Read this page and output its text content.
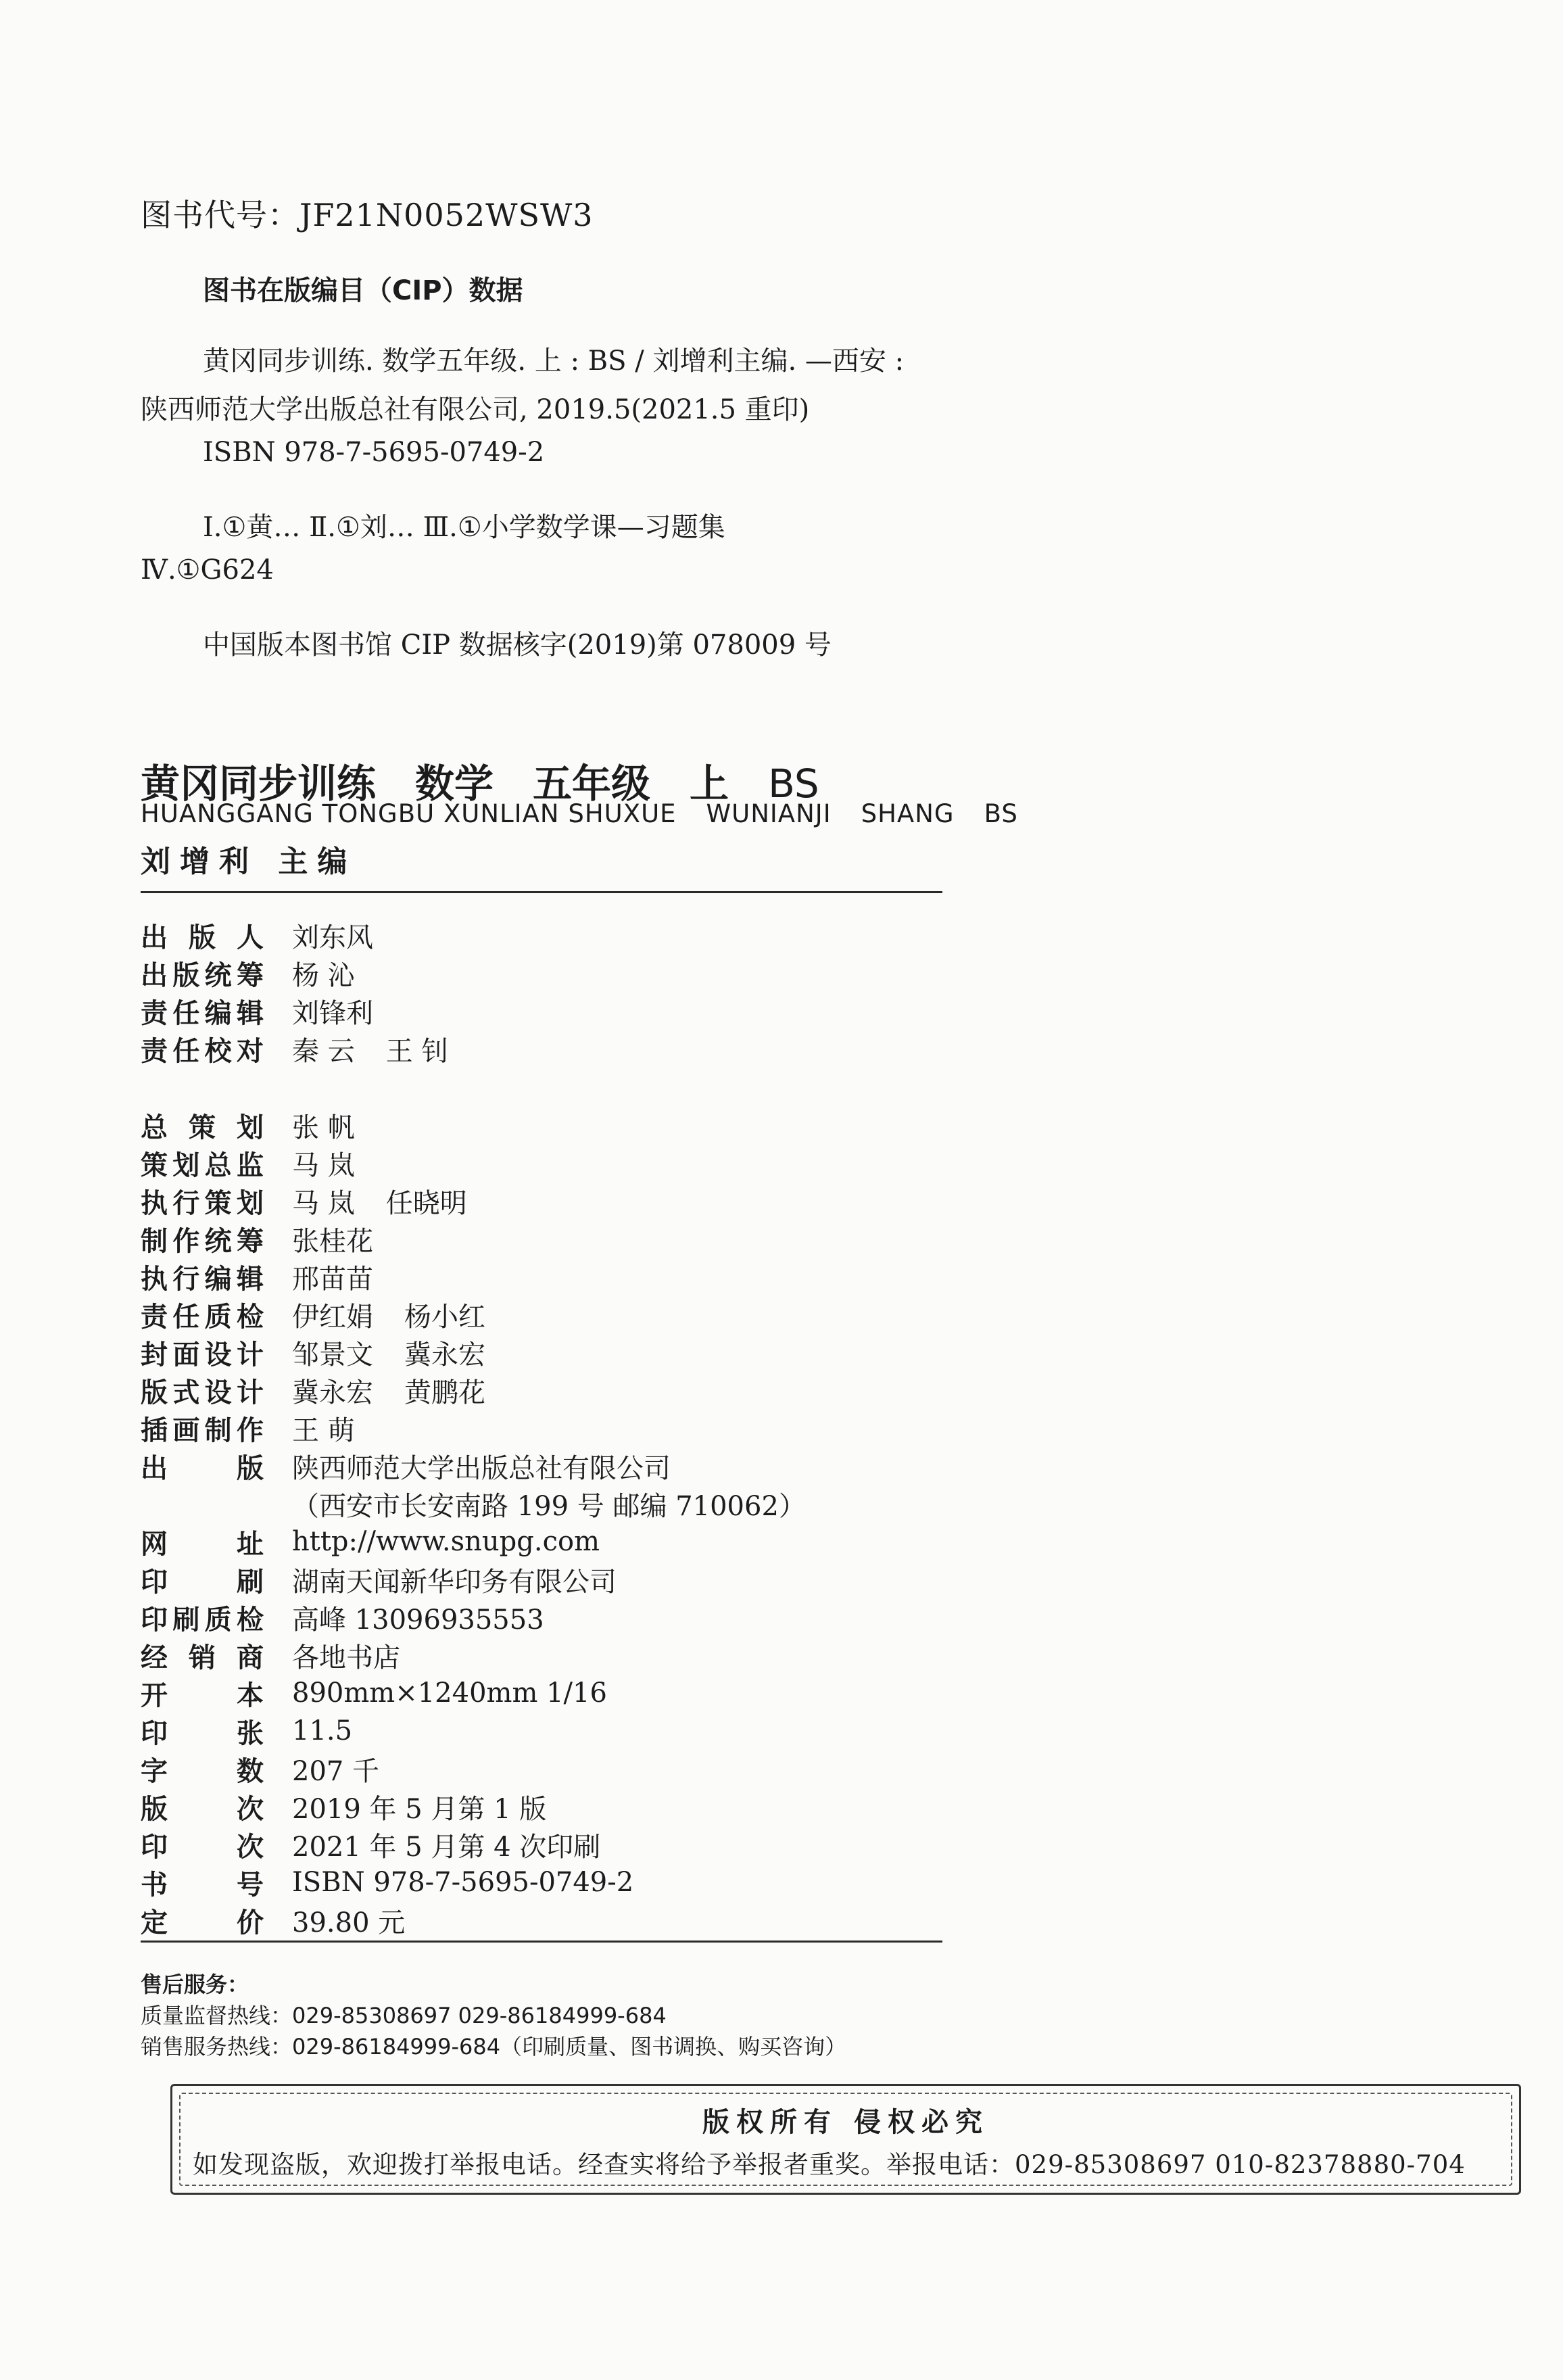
图书代号：JF21N0052WSW3
图书在版编目（CIP）数据
黄冈同步训练. 数学五年级. 上 : BS / 刘增利主编. —西安 :
陕西师范大学出版总社有限公司, 2019.5(2021.5 重印)
ISBN 978-7-5695-0749-2
Ⅰ.①黄… Ⅱ.①刘… Ⅲ.①小学数学课—习题集
Ⅳ.①G624
中国版本图书馆 CIP 数据核字(2019)第 078009 号
黄冈同步训练 数学 五年级 上 BS
HUANGGANG TONGBU XUNLIAN SHUXUE WUNIANJI SHANG BS
刘增利 主编
出版人 刘东风
出版统筹 杨 沁
责任编辑 刘锋利
责任校对 秦 云 王 钊
总策划 张 帆
策划总监 马 岚
执行策划 马 岚 任晓明
制作统筹 张桂花
执行编辑 邢苗苗
责任质检 伊红娟 杨小红
封面设计 邹景文 冀永宏
版式设计 冀永宏 黄鹏花
插画制作 王 萌
出版 陕西师范大学出版总社有限公司
（西安市长安南路 199 号 邮编 710062）
网址 http://www.snupg.com
印刷 湖南天闻新华印务有限公司
印刷质检 高峰 13096935553
经销商 各地书店
开本 890mm×1240mm 1/16
印张 11.5
字数 207 千
版次 2019 年 5 月第 1 版
印次 2021 年 5 月第 4 次印刷
书号 ISBN 978-7-5695-0749-2
定价 39.80 元
售后服务：
质量监督热线：029-85308697 029-86184999-684
销售服务热线：029-86184999-684（印刷质量、图书调换、购买咨询）
版权所有 侵权必究
如发现盗版，欢迎拨打举报电话。经查实将给予举报者重奖。举报电话：029-85308697 010-82378880-704
